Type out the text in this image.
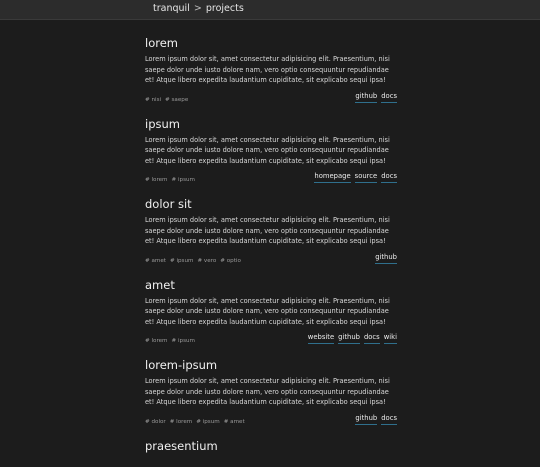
tranquil > projects
lorem

Lorem ipsum dolor sit, amet consectetur adipisicing elit. Praesentium, nisi saepe dolor unde iusto dolore nam, vero optio consequuntur repudiandae et! Atque libero expedita laudantium cupiditate, sit explicabo sequi ipsa!

# nisi # saepe	github docs
ipsum

Lorem ipsum dolor sit, amet consectetur adipisicing elit. Praesentium, nisi saepe dolor unde iusto dolore nam, vero optio consequuntur repudiandae et! Atque libero expedita laudantium cupiditate, sit explicabo sequi ipsa!

# lorem # ipsum	homepage source docs
dolor sit

Lorem ipsum dolor sit, amet consectetur adipisicing elit. Praesentium, nisi saepe dolor unde iusto dolore nam, vero optio consequuntur repudiandae et! Atque libero expedita laudantium cupiditate, sit explicabo sequi ipsa!

# amet # ipsum # vero # optio	github
amet

Lorem ipsum dolor sit, amet consectetur adipisicing elit. Praesentium, nisi saepe dolor unde iusto dolore nam, vero optio consequuntur repudiandae et! Atque libero expedita laudantium cupiditate, sit explicabo sequi ipsa!

# lorem # ipsum	website github docs wiki
lorem-ipsum

Lorem ipsum dolor sit, amet consectetur adipisicing elit. Praesentium, nisi saepe dolor unde iusto dolore nam, vero optio consequuntur repudiandae et! Atque libero expedita laudantium cupiditate, sit explicabo sequi ipsa!

# dolor # lorem # ipsum # amet	github docs
praesentium
